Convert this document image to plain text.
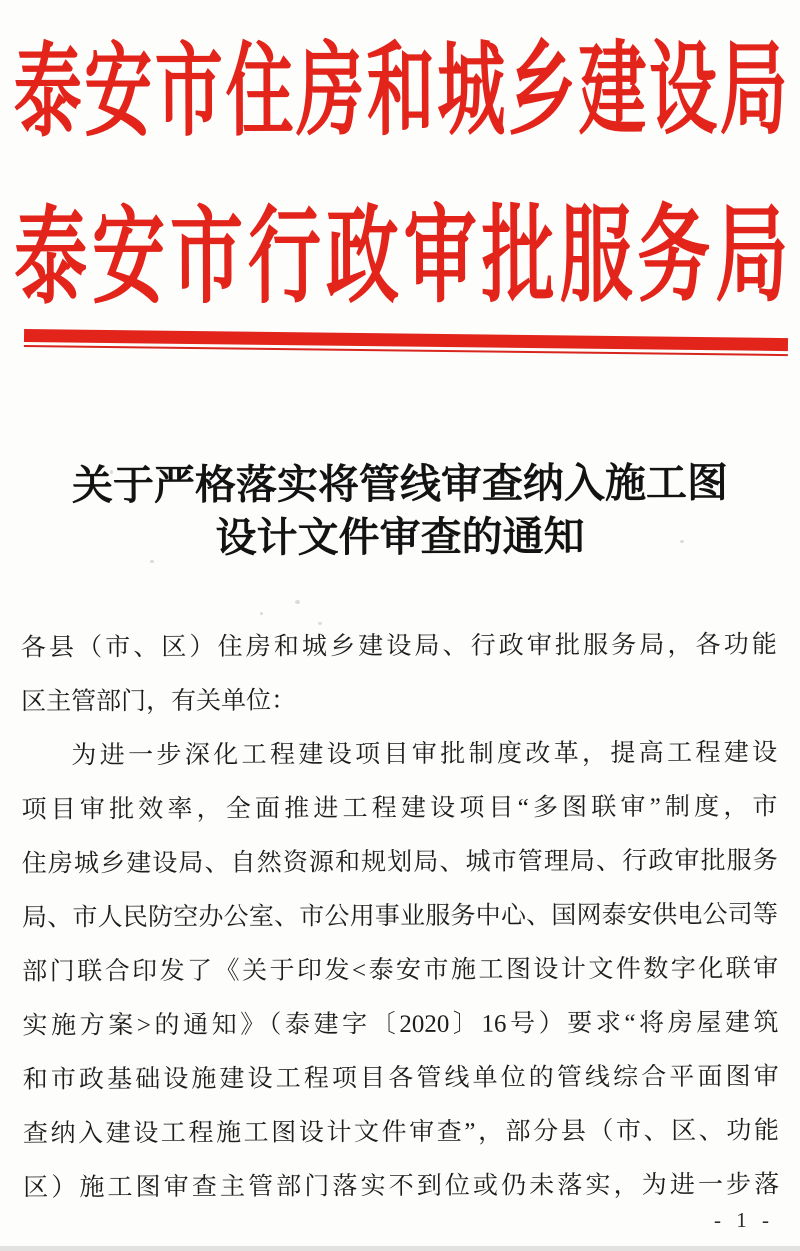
泰安市住房和城乡建设局
泰安市行政审批服务局
关于严格落实将管线审查纳入施工图
设计文件审查的通知
各县（市、区）住房和城乡建设局、行政审批服务局，各功能
区主管部门，有关单位：
为进一步深化工程建设项目审批制度改革，提高工程建设
项目审批效率，全面推进工程建设项目“多图联审”制度，市
住房城乡建设局、自然资源和规划局、城市管理局、行政审批服务
局、市人民防空办公室、市公用事业服务中心、国网泰安供电公司等
部门联合印发了《关于印发<泰安市施工图设计文件数字化联审
实施方案>的通知》（泰建字〔2020〕16号）要求“将房屋建筑
和市政基础设施建设工程项目各管线单位的管线综合平面图审
查纳入建设工程施工图设计文件审查”，部分县（市、区、功能
区）施工图审查主管部门落实不到位或仍未落实，为进一步落
- 1 -
